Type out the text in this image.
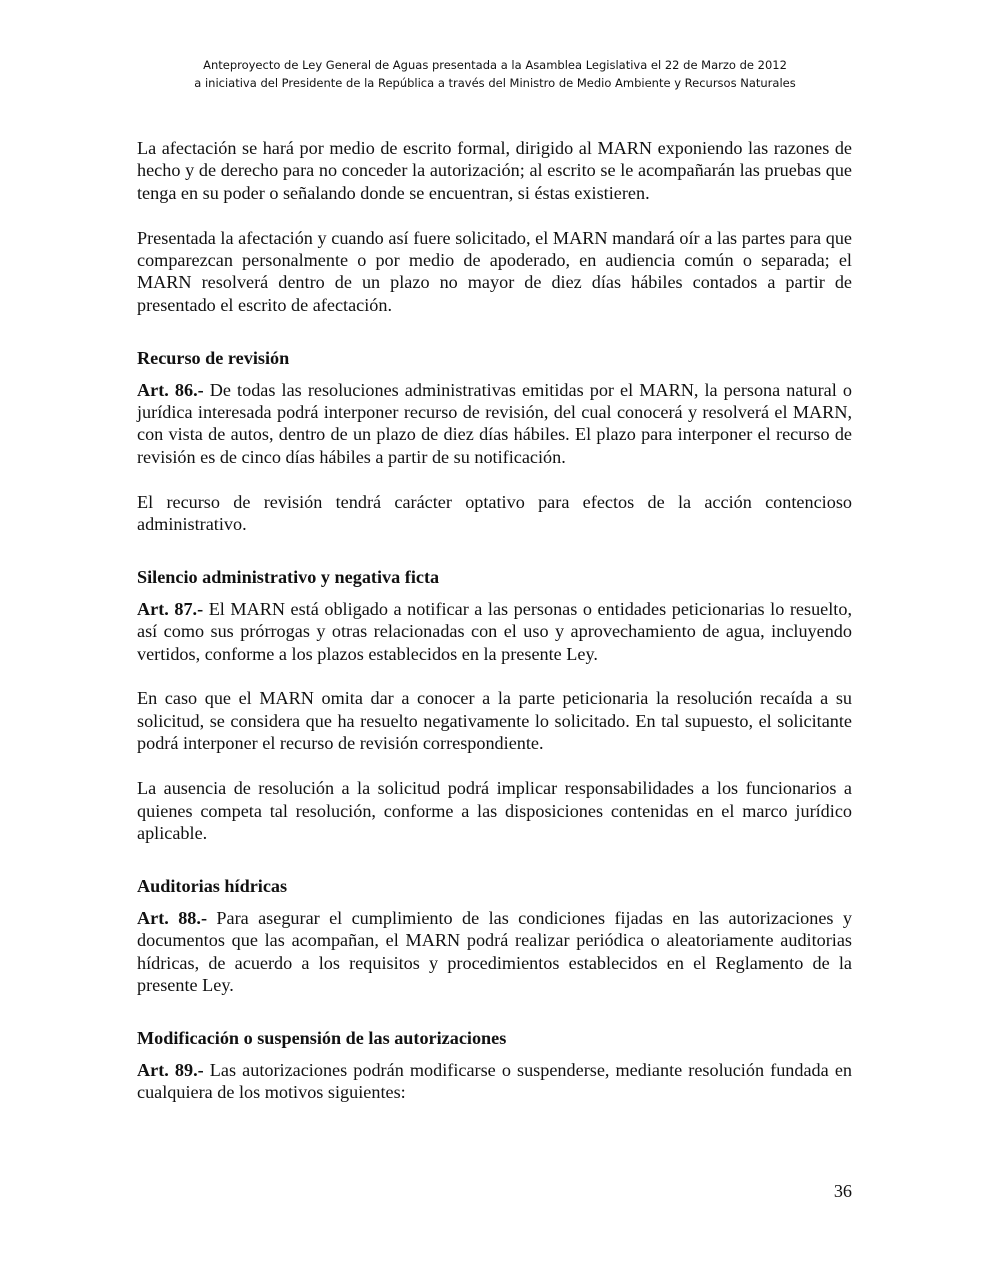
Anteproyecto de Ley General de Aguas presentada a la Asamblea Legislativa el 22 de Marzo de 2012
a iniciativa del Presidente de la República a través del Ministro de Medio Ambiente y Recursos Naturales

La afectación se hará por medio de escrito formal, dirigido al MARN exponiendo las razones de hecho y de derecho para no conceder la autorización; al escrito se le acompañarán las pruebas que tenga en su poder o señalando donde se encuentran, si éstas existieren.

Presentada la afectación y cuando así fuere solicitado, el MARN mandará oír a las partes para que comparezcan personalmente o por medio de apoderado, en audiencia común o separada; el MARN resolverá dentro de un plazo no mayor de diez días hábiles contados a partir de presentado el escrito de afectación.

Recurso de revisión

Art. 86.- De todas las resoluciones administrativas emitidas por el MARN, la persona natural o jurídica interesada podrá interponer recurso de revisión, del cual conocerá y resolverá el MARN, con vista de autos, dentro de un plazo de diez días hábiles. El plazo para interponer el recurso de revisión es de cinco días hábiles a partir de su notificación.

El recurso de revisión tendrá carácter optativo para efectos de la acción contencioso administrativo.

Silencio administrativo y negativa ficta

Art. 87.- El MARN está obligado a notificar a las personas o entidades peticionarias lo resuelto, así como sus prórrogas y otras relacionadas con el uso y aprovechamiento de agua, incluyendo vertidos, conforme a los plazos establecidos en la presente Ley.

En caso que el MARN omita dar a conocer a la parte peticionaria la resolución recaída a su solicitud, se considera que ha resuelto negativamente lo solicitado. En tal supuesto, el solicitante podrá interponer el recurso de revisión correspondiente.

La ausencia de resolución a la solicitud podrá implicar responsabilidades a los funcionarios a quienes competa tal resolución, conforme a las disposiciones contenidas en el marco jurídico aplicable.

Auditorias hídricas

Art. 88.- Para asegurar el cumplimiento de las condiciones fijadas en las autorizaciones y documentos que las acompañan, el MARN podrá realizar periódica o aleatoriamente auditorias hídricas, de acuerdo a los requisitos y procedimientos establecidos en el Reglamento de la presente Ley.

Modificación o suspensión de las autorizaciones

Art. 89.- Las autorizaciones podrán modificarse o suspenderse, mediante resolución fundada en cualquiera de los motivos siguientes:

36
